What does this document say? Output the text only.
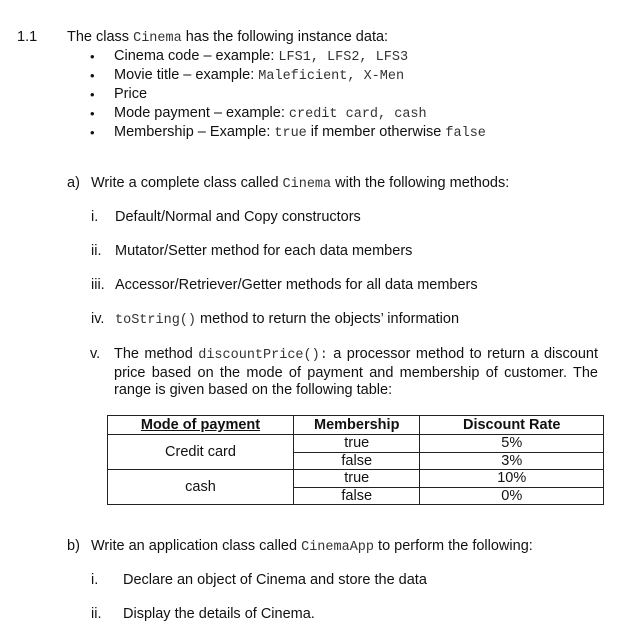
1.1 The class Cinema has the following instance data:
• Cinema code – example: LFS1, LFS2, LFS3
• Movie title – example: Maleficient, X-Men
• Price
• Mode payment – example: credit card, cash
• Membership – Example: true if member otherwise false
a) Write a complete class called Cinema with the following methods:
i. Default/Normal and Copy constructors
ii. Mutator/Setter method for each data members
iii. Accessor/Retriever/Getter methods for all data members
iv. toString() method to return the objects’ information
v. The method discountPrice(): a processor method to return a discount price based on the mode of payment and membership of customer. The range is given based on the following table:
Mode of payment	Membership	Discount Rate
Credit card	true	5%
	false	3%
cash	true	10%
	false	0%
b) Write an application class called CinemaApp to perform the following:
i. Declare an object of Cinema and store the data
ii. Display the details of Cinema.
